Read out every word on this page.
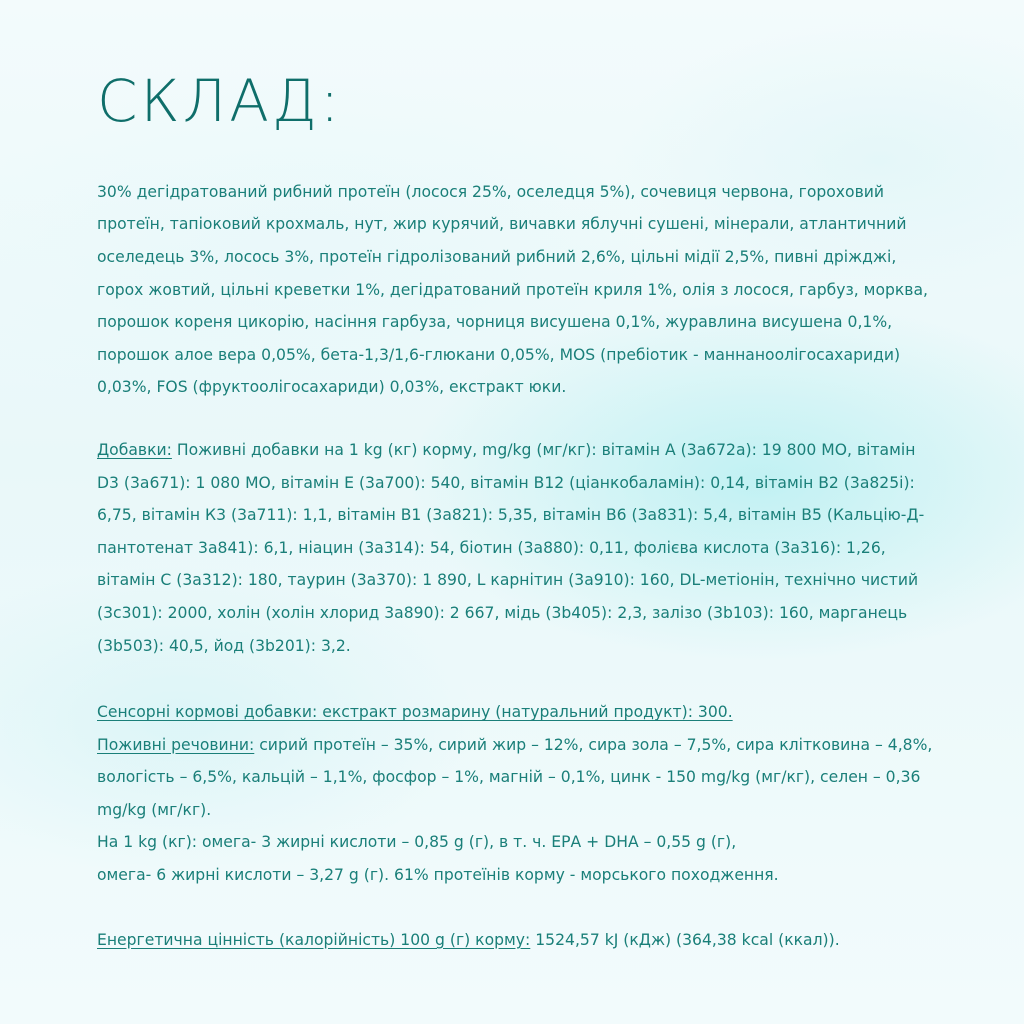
СКЛАД:

30% дегідратований рибний протеїн (лосося 25%, оселедця 5%), сочевиця червона, гороховий протеїн, тапіоковий крохмаль, нут, жир курячий, вичавки яблучні сушені, мінерали, атлантичний оселедець 3%, лосось 3%, протеїн гідролізований рибний 2,6%, цільні мідії 2,5%, пивні дріжджі, горох жовтий, цільні креветки 1%, дегідратований протеїн криля 1%, олія з лосося, гарбуз, морква, порошок кореня цикорію, насіння гарбуза, чорниця висушена 0,1%, журавлина висушена 0,1%, порошок алое вера 0,05%, бета-1,3/1,6-глюкани 0,05%, MOS (пребіотик - маннаноолігосахариди) 0,03%, FOS (фруктоолігосахариди) 0,03%, екстракт юки.

Добавки: Поживні добавки на 1 kg (кг) корму, mg/kg (мг/кг): вітамін А (3а672а): 19 800 МО, вітамін D3 (3а671): 1 080 МО, вітамін Е (3а700): 540, вітамін В12 (ціанкобаламін): 0,14, вітамін В2 (3а825і): 6,75, вітамін К3 (3а711): 1,1, вітамін В1 (3а821): 5,35, вітамін В6 (3а831): 5,4, вітамін В5 (Кальцію-Д-пантотенат 3а841): 6,1, ніацин (3а314): 54, біотин (3а880): 0,11, фолієва кислота (3а316): 1,26, вітамін С (3а312): 180, таурин (3а370): 1 890, L карнітин (3а910): 160, DL-метіонін, технічно чистий (3с301): 2000, холін (холін хлорид 3а890): 2 667, мідь (3b405): 2,3, залізо (3b103): 160, марганець (3b503): 40,5, йод (3b201): 3,2.

Сенсорні кормові добавки: екстракт розмарину (натуральний продукт): 300.
Поживні речовини: сирий протеїн – 35%, сирий жир – 12%, сира зола – 7,5%, сира клітковина – 4,8%, вологість – 6,5%, кальцій – 1,1%, фосфор – 1%, магній – 0,1%, цинк - 150 mg/kg (мг/кг), селен – 0,36 mg/kg (мг/кг).
На 1 kg (кг): омега- 3 жирні кислоти – 0,85 g (г), в т. ч. ЕРА + DHA – 0,55 g (г),
омега- 6 жирні кислоти – 3,27 g (г). 61% протеїнів корму - морського походження.

Енергетична цінність (калорійність) 100 g (г) корму: 1524,57 kJ (кДж) (364,38 kcal (ккал)).
